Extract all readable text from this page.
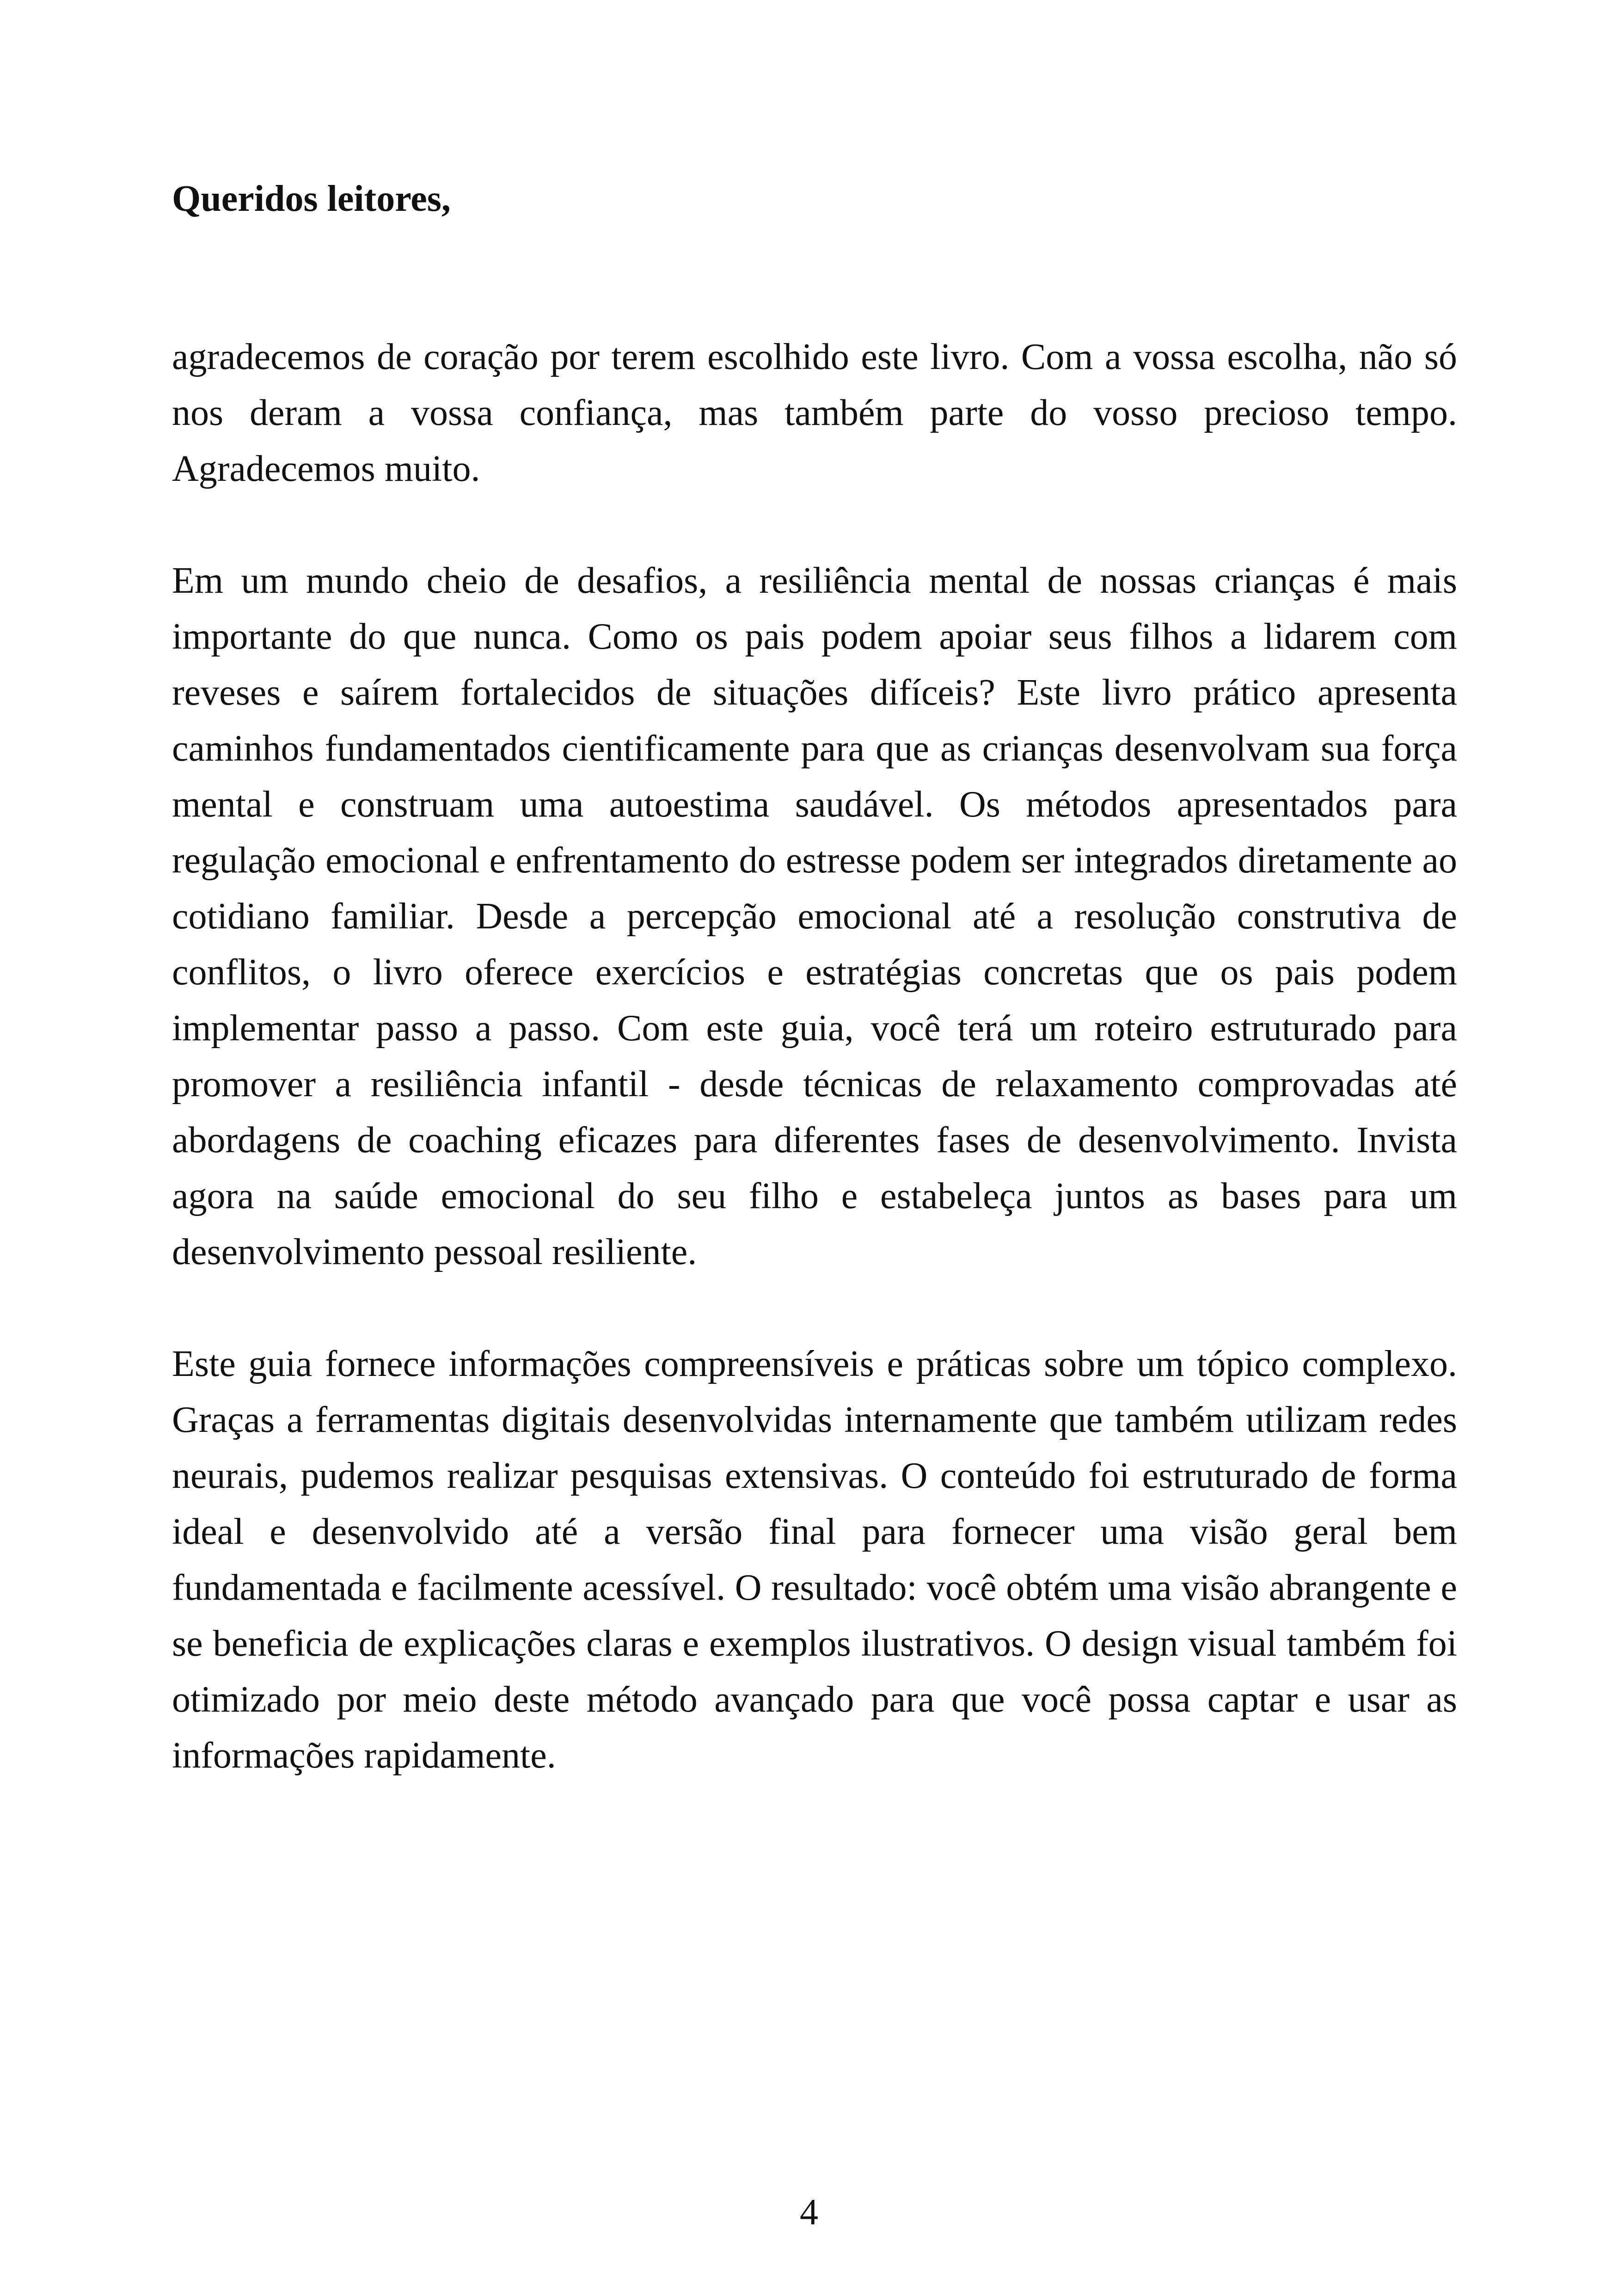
Queridos leitores,

agradecemos de coração por terem escolhido este livro. Com a vossa escolha, não só nos deram a vossa confiança, mas também parte do vosso precioso tempo. Agradecemos muito.

Em um mundo cheio de desafios, a resiliência mental de nossas crianças é mais importante do que nunca. Como os pais podem apoiar seus filhos a lidarem com reveses e saírem fortalecidos de situações difíceis? Este livro prático apresenta caminhos fundamentados cientificamente para que as crianças desenvolvam sua força mental e construam uma autoestima saudável. Os métodos apresentados para regulação emocional e enfrentamento do estresse podem ser integrados diretamente ao cotidiano familiar. Desde a percepção emocional até a resolução construtiva de conflitos, o livro oferece exercícios e estratégias concretas que os pais podem implementar passo a passo. Com este guia, você terá um roteiro estruturado para promover a resiliência infantil - desde técnicas de relaxamento comprovadas até abordagens de coaching eficazes para diferentes fases de desenvolvimento. Invista agora na saúde emocional do seu filho e estabeleça juntos as bases para um desenvolvimento pessoal resiliente.

Este guia fornece informações compreensíveis e práticas sobre um tópico complexo. Graças a ferramentas digitais desenvolvidas internamente que também utilizam redes neurais, pudemos realizar pesquisas extensivas. O conteúdo foi estruturado de forma ideal e desenvolvido até a versão final para fornecer uma visão geral bem fundamentada e facilmente acessível. O resultado: você obtém uma visão abrangente e se beneficia de explicações claras e exemplos ilustrativos. O design visual também foi otimizado por meio deste método avançado para que você possa captar e usar as informações rapidamente.

4
